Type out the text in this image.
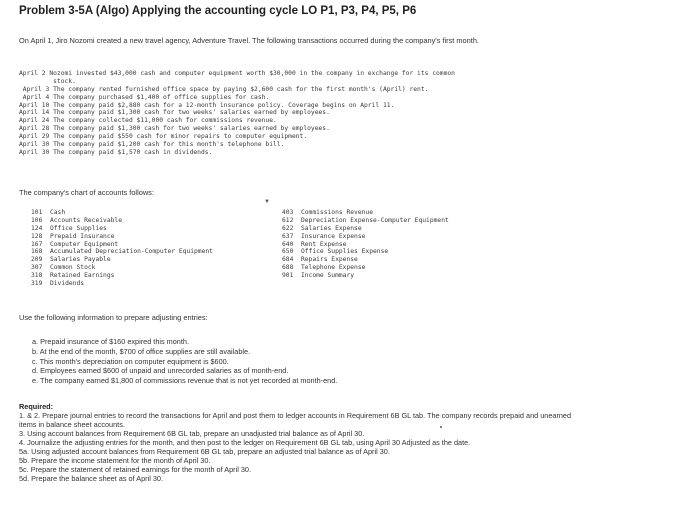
Problem 3-5A (Algo) Applying the accounting cycle LO P1, P3, P4, P5, P6
On April 1, Jiro Nozomi created a new travel agency, Adventure Travel. The following transactions occurred during the company's first month.
April 2 Nozomi invested $43,000 cash and computer equipment worth $30,000 in the company in exchange for its common
stock.
April 3 The company rented furnished office space by paying $2,600 cash for the first month's (April) rent.
April 4 The company purchased $1,400 of office supplies for cash.
April 10 The company paid $2,880 cash for a 12-month insurance policy. Coverage begins on April 11.
April 14 The company paid $1,300 cash for two weeks' salaries earned by employees.
April 24 The company collected $11,000 cash for commissions revenue.
April 28 The company paid $1,300 cash for two weeks' salaries earned by employees.
April 29 The company paid $550 cash for minor repairs to computer equipment.
April 30 The company paid $1,200 cash for this month's telephone bill.
April 30 The company paid $1,570 cash in dividends.
The company's chart of accounts follows:
▼
101  Cash
106  Accounts Receivable
124  Office Supplies
128  Prepaid Insurance
167  Computer Equipment
168  Accumulated Depreciation-Computer Equipment
209  Salaries Payable
307  Common Stock
318  Retained Earnings
319  Dividends
403  Commissions Revenue
612  Depreciation Expense-Computer Equipment
622  Salaries Expense
637  Insurance Expense
640  Rent Expense
650  Office Supplies Expense
684  Repairs Expense
688  Telephone Expense
901  Income Summary
Use the following information to prepare adjusting entries:
a. Prepaid insurance of $160 expired this month.
b. At the end of the month, $700 of office supplies are still available.
c. This month's depreciation on computer equipment is $600.
d. Employees earned $600 of unpaid and unrecorded salaries as of month-end.
e. The company earned $1,800 of commissions revenue that is not yet recorded at month-end.
Required:
1. & 2. Prepare journal entries to record the transactions for April and post them to ledger accounts in Requirement 6B GL tab. The company records prepaid and unearned items in balance sheet accounts.
3. Using account balances from Requirement 6B GL tab, prepare an unadjusted trial balance as of April 30.
4. Journalize the adjusting entries for the month, and then post to the ledger on Requirement 6B GL tab, using April 30 Adjusted as the date.
5a. Using adjusted account balances from Requirement 6B GL tab, prepare an adjusted trial balance as of April 30.
5b. Prepare the income statement for the month of April 30.
5c. Prepare the statement of retained earnings for the month of April 30.
5d. Prepare the balance sheet as of April 30.
